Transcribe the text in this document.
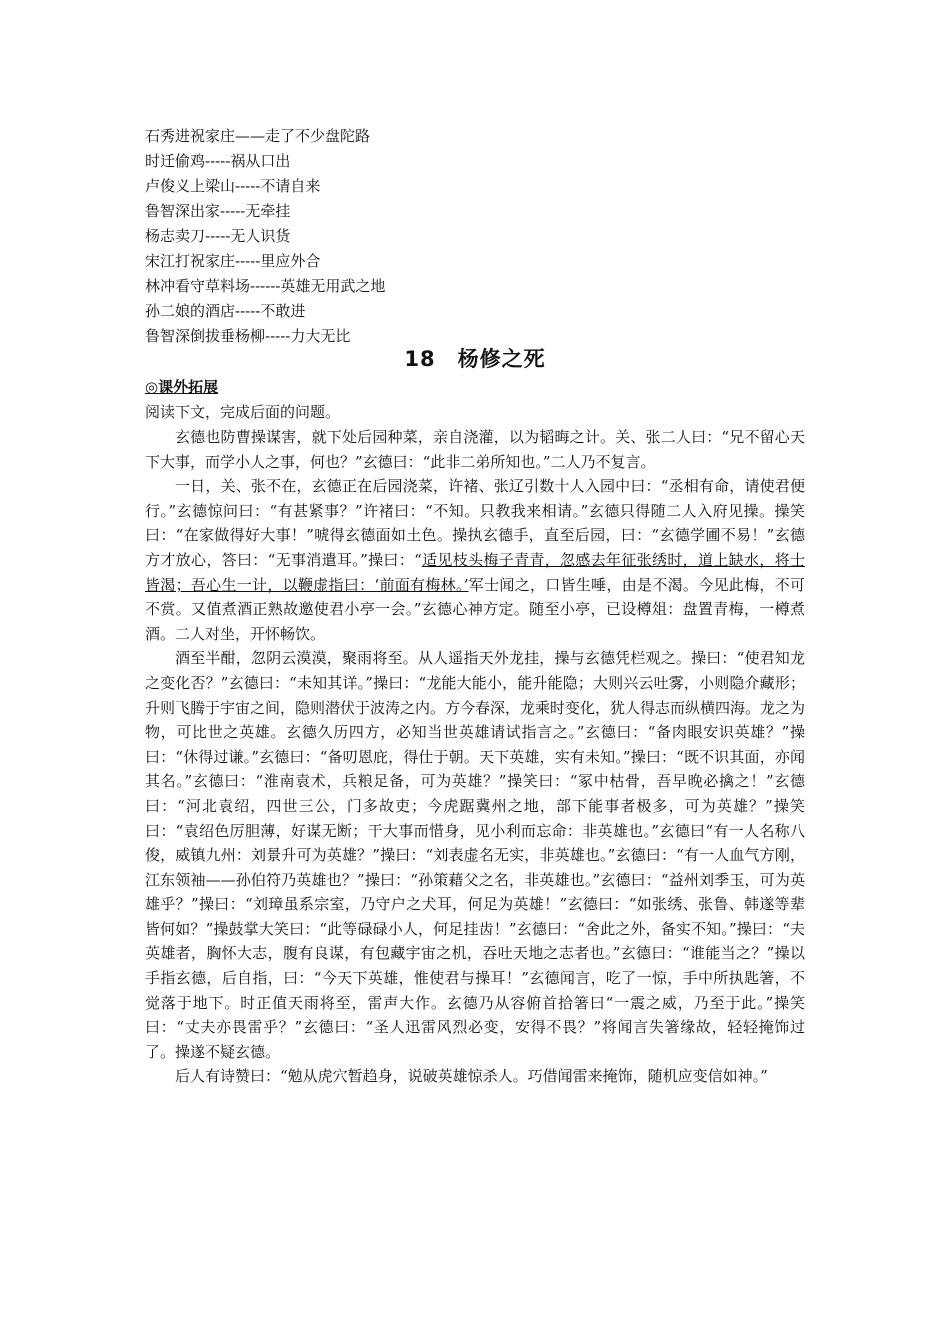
石秀进祝家庄——走了不少盘陀路
时迁偷鸡-----祸从口出
卢俊义上梁山-----不请自来
鲁智深出家-----无牵挂
杨志卖刀-----无人识货
宋江打祝家庄-----里应外合
林冲看守草料场------英雄无用武之地
孙二娘的酒店-----不敢进
鲁智深倒拔垂杨柳-----力大无比
18　杨修之死
◎课外拓展
阅读下文，完成后面的问题。

玄德也防曹操谋害，就下处后园种菜，亲自浇灌，以为韬晦之计。关、张二人曰：“兄不留心天下大事，而学小人之事，何也？”玄德曰：“此非二弟所知也。”二人乃不复言。

一日，关、张不在，玄德正在后园浇菜，许褚、张辽引数十人入园中曰：“丞相有命，请使君便行。”玄德惊问曰：“有甚紧事？”许褚曰：“不知。只教我来相请。”玄德只得随二人入府见操。操笑曰：“在家做得好大事！”唬得玄德面如土色。操执玄德手，直至后园，曰：“玄德学圃不易！”玄德方才放心，答曰：“无事消遣耳。”操曰：“适见枝头梅子青青，忽感去年征张绣时，道上缺水，将士皆渴；吾心生一计，以鞭虚指曰：‘前面有梅林。’军士闻之，口皆生唾，由是不渴。今见此梅，不可不赏。又值煮酒正熟故邀使君小亭一会。”玄德心神方定。随至小亭，已设樽俎：盘置青梅，一樽煮酒。二人对坐，开怀畅饮。

酒至半酣，忽阴云漠漠，聚雨将至。从人遥指天外龙挂，操与玄德凭栏观之。操曰：“使君知龙之变化否？”玄德曰：“未知其详。”操曰：“龙能大能小，能升能隐；大则兴云吐雾，小则隐介藏形；升则飞腾于宇宙之间，隐则潜伏于波涛之内。方今春深，龙乘时变化，犹人得志而纵横四海。龙之为物，可比世之英雄。玄德久历四方，必知当世英雄请试指言之。”玄德曰：“备肉眼安识英雄？”操曰：“休得过谦。”玄德曰：“备叨恩庇，得仕于朝。天下英雄，实有未知。”操曰：“既不识其面，亦闻其名。”玄德曰：“淮南袁术，兵粮足备，可为英雄？”操笑曰：“冢中枯骨，吾早晚必擒之！”玄德曰：“河北袁绍，四世三公，门多故吏；今虎踞冀州之地，部下能事者极多，可为英雄？”操笑曰：“袁绍色厉胆薄，好谋无断；干大事而惜身，见小利而忘命：非英雄也。”玄德曰“有一人名称八俊，威镇九州：刘景升可为英雄？”操曰：“刘表虚名无实，非英雄也。”玄德曰：“有一人血气方刚，江东领袖——孙伯符乃英雄也？”操曰：“孙策藉父之名，非英雄也。”玄德曰：“益州刘季玉，可为英雄乎？”操曰：“刘璋虽系宗室，乃守户之犬耳，何足为英雄！”玄德曰：“如张绣、张鲁、韩遂等辈皆何如？”操鼓掌大笑曰：“此等碌碌小人，何足挂齿！”玄德曰：“舍此之外，备实不知。”操曰：“夫英雄者，胸怀大志，腹有良谋，有包藏宇宙之机，吞吐天地之志者也。”玄德曰：“谁能当之？”操以手指玄德，后自指，曰：“今天下英雄，惟使君与操耳！”玄德闻言，吃了一惊，手中所执匙箸，不觉落于地下。时正值天雨将至，雷声大作。玄德乃从容俯首拾箸曰“一震之威，乃至于此。”操笑曰：“丈夫亦畏雷乎？”玄德曰：“圣人迅雷风烈必变，安得不畏？”将闻言失箸缘故，轻轻掩饰过了。操遂不疑玄德。

后人有诗赞曰：“勉从虎穴暂趋身，说破英雄惊杀人。巧借闻雷来掩饰，随机应变信如神。”
